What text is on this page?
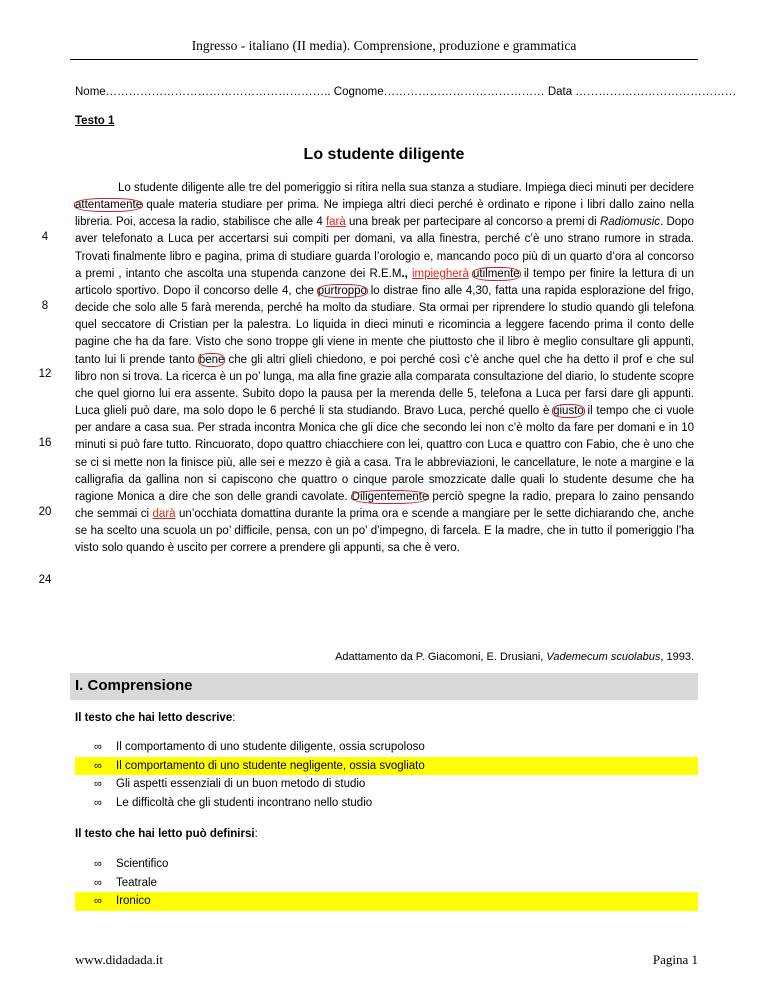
Ingresso - italiano (II media). Comprensione, produzione e grammatica
Nome………………………………………………….. Cognome…………………………………… Data ……………………………………
Testo 1
Lo studente diligente
4
8
12
16
20
24

Lo studente diligente alle tre del pomeriggio si ritira nella sua stanza a studiare. Impiega dieci minuti per decidere attentamente quale materia studiare per prima. Ne impiega altri dieci perché è ordinato e ripone i libri dallo zaino nella libreria. Poi, accesa la radio, stabilisce che alle 4 farà una break per partecipare al concorso a premi di Radiomusic. Dopo aver telefonato a Luca per accertarsi sui compiti per domani, va alla finestra, perché c’è uno strano rumore in strada. Trovati finalmente libro e pagina, prima di studiare guarda l’orologio e, mancando poco più di un quarto d’ora al concorso a premi , intanto che ascolta una stupenda canzone dei R.E.M., impiegherà utilmente il tempo per finire la lettura di un articolo sportivo. Dopo il concorso delle 4, che purtroppo lo distrae fino alle 4,30, fatta una rapida esplorazione del frigo, decide che solo alle 5 farà merenda, perché ha molto da studiare. Sta ormai per riprendere lo studio quando gli telefona quel seccatore di Cristian per la palestra. Lo liquida in dieci minuti e ricomincia a leggere facendo prima il conto delle pagine che ha da fare. Visto che sono troppe gli viene in mente che piuttosto che il libro è meglio consultare gli appunti, tanto lui li prende tanto bene che gli altri glieli chiedono, e poi perché così c’è anche quel che ha detto il prof e che sul libro non si trova. La ricerca è un po’ lunga, ma alla fine grazie alla comparata consultazione del diario, lo studente scopre che quel giorno lui era assente. Subito dopo la pausa per la merenda delle 5, telefona a Luca per farsi dare gli appunti. Luca glieli può dare, ma solo dopo le 6 perché li sta studiando. Bravo Luca, perché quello è giusto il tempo che ci vuole per andare a casa sua. Per strada incontra Monica che gli dice che secondo lei non c’è molto da fare per domani e in 10 minuti si può fare tutto. Rincuorato, dopo quattro chiacchiere con lei, quattro con Luca e quattro con Fabio, che è uno che se ci si mette non la finisce più, alle sei e mezzo è già a casa. Tra le abbreviazioni, le cancellature, le note a margine e la calligrafia da gallina non si capiscono che quattro o cinque parole smozzicate dalle quali lo studente desume che ha ragione Monica a dire che son delle grandi cavolate. Diligentemente perciò spegne la radio, prepara lo zaino pensando che semmai ci darà un’occhiata domattina durante la prima ora e scende a mangiare per le sette dichiarando che, anche se ha scelto una scuola un po’ difficile, pensa, con un po’ d’impegno, di farcela. E la madre, che in tutto il pomeriggio l’ha visto solo quando è uscito per correre a prendere gli appunti, sa che è vero.

Adattamento da P. Giacomoni, E. Drusiani, Vademecum scuolabus, 1993.
I. Comprensione
Il testo che hai letto descrive:
∞ Il comportamento di uno studente diligente, ossia scrupoloso
∞ Il comportamento di uno studente negligente, ossia svogliato
∞ Gli aspetti essenziali di un buon metodo di studio
∞ Le difficoltà che gli studenti incontrano nello studio
Il testo che hai letto può definirsi:
∞ Scientifico
∞ Teatrale
∞ Ironico
www.didadada.it	Pagina 1
